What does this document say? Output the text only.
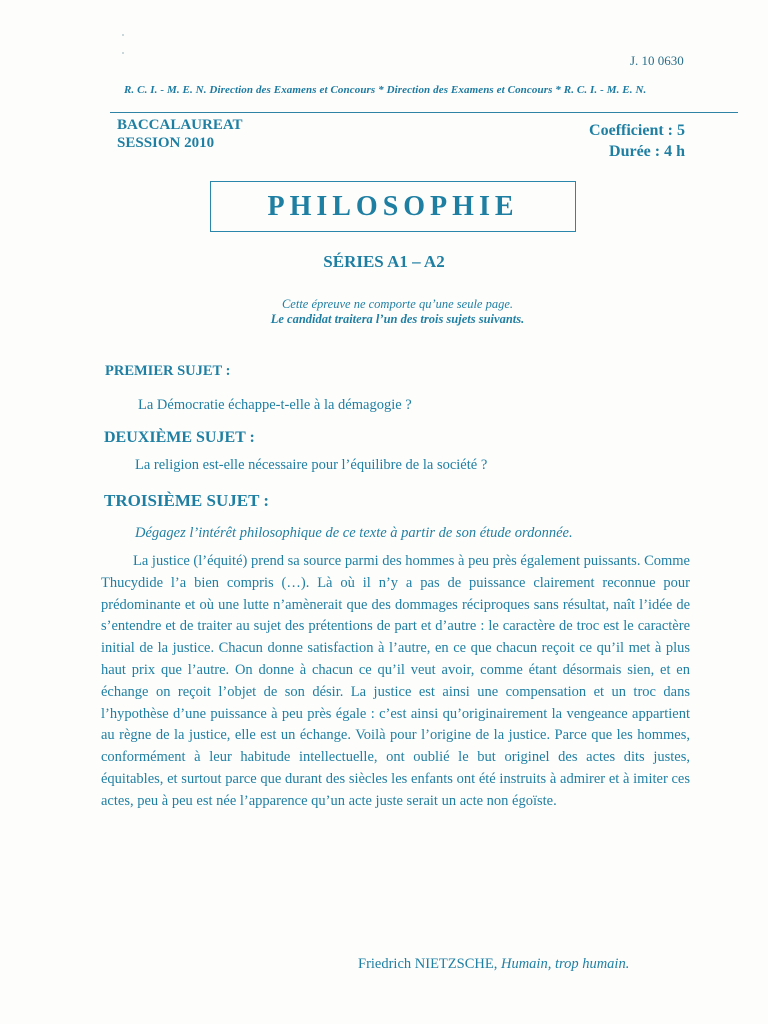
J. 10 0630
R. C. I. - M. E. N. Direction des Examens et Concours * Direction des Examens et Concours * R. C. I. - M. E. N.
BACCALAUREAT
SESSION 2010
Coefficient : 5
Durée : 4 h
PHILOSOPHIE
SÉRIES A1 – A2
Cette épreuve ne comporte qu’une seule page.
Le candidat traitera l’un des trois sujets suivants.
PREMIER SUJET :
La Démocratie échappe-t-elle à la démagogie ?
DEUXIÈME SUJET :
La religion est-elle nécessaire pour l’équilibre de la société ?
TROISIÈME SUJET :
Dégagez l’intérêt philosophique de ce texte à partir de son étude ordonnée.
La justice (l’équité) prend sa source parmi des hommes à peu près également puissants. Comme Thucydide l’a bien compris (…). Là où il n’y a pas de puissance clairement reconnue pour prédominante et où une lutte n’amènerait que des dommages réciproques sans résultat, naît l’idée de s’entendre et de traiter au sujet des prétentions de part et d’autre : le caractère de troc est le caractère initial de la justice. Chacun donne satisfaction à l’autre, en ce que chacun reçoit ce qu’il met à plus haut prix que l’autre. On donne à chacun ce qu’il veut avoir, comme étant désormais sien, et en échange on reçoit l’objet de son désir. La justice est ainsi une compensation et un troc dans l’hypothèse d’une puissance à peu près égale : c’est ainsi qu’originairement la vengeance appartient au règne de la justice, elle est un échange. Voilà pour l’origine de la justice. Parce que les hommes, conformément à leur habitude intellectuelle, ont oublié le but originel des actes dits justes, équitables, et surtout parce que durant des siècles les enfants ont été instruits à admirer et à imiter ces actes, peu à peu est née l’apparence qu’un acte juste serait un acte non égoïste.
Friedrich NIETZSCHE, Humain, trop humain.
